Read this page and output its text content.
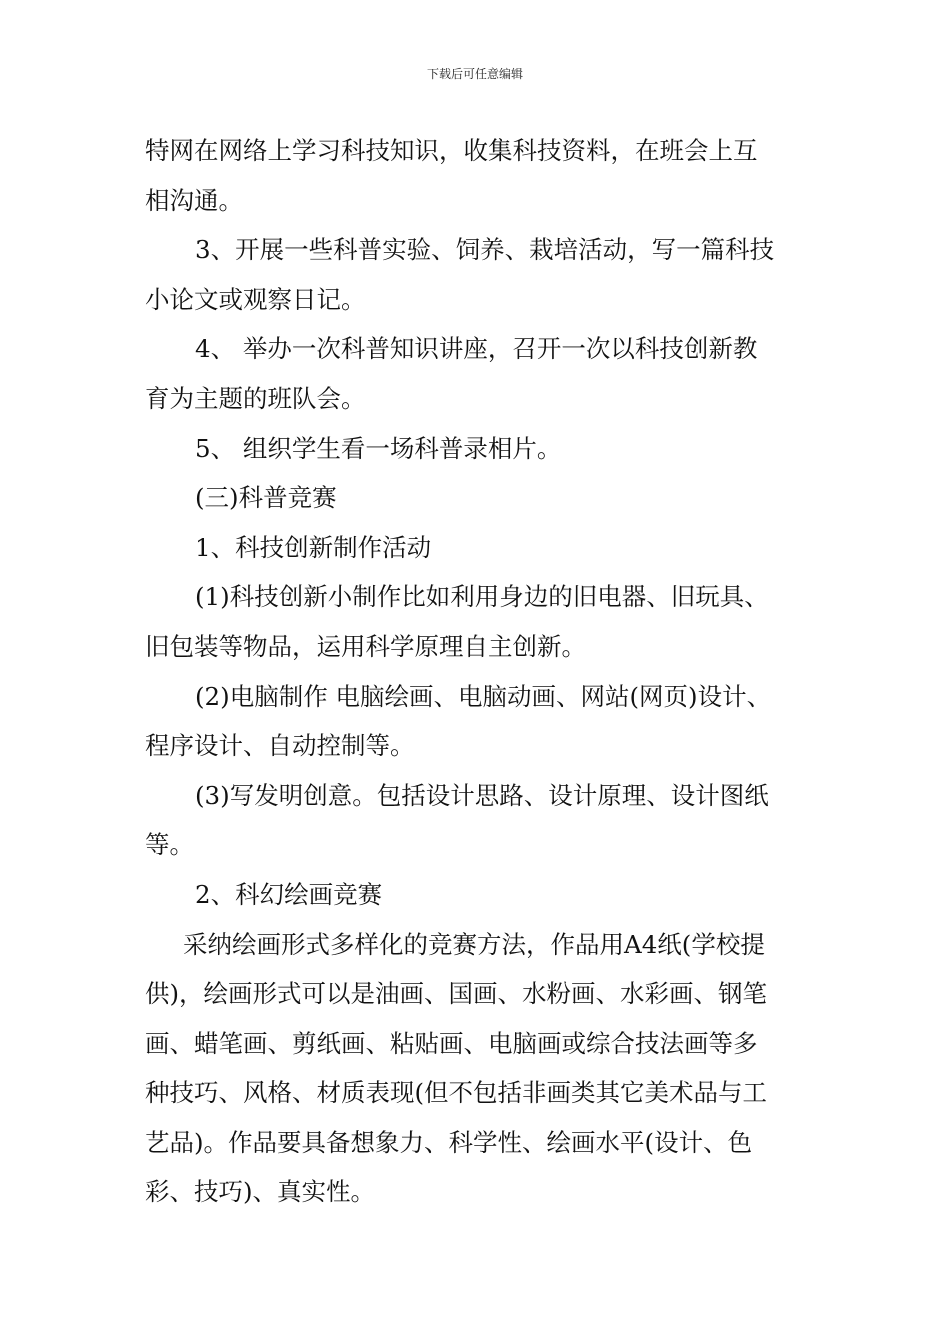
下载后可任意编辑
特网在网络上学习科技知识，收集科技资料，在班会上互
相沟通。
3、开展一些科普实验、饲养、栽培活动，写一篇科技
小论文或观察日记。
4、 举办一次科普知识讲座，召开一次以科技创新教
育为主题的班队会。
5、 组织学生看一场科普录相片。
(三)科普竞赛
1、科技创新制作活动
(1)科技创新小制作比如利用身边的旧电器、旧玩具、
旧包装等物品，运用科学原理自主创新。
(2)电脑制作 电脑绘画、电脑动画、网站(网页)设计、
程序设计、自动控制等。
(3)写发明创意。包括设计思路、设计原理、设计图纸
等。
2、科幻绘画竞赛
采纳绘画形式多样化的竞赛方法，作品用A4纸(学校提
供)，绘画形式可以是油画、国画、水粉画、水彩画、钢笔
画、蜡笔画、剪纸画、粘贴画、电脑画或综合技法画等多
种技巧、风格、材质表现(但不包括非画类其它美术品与工
艺品)。作品要具备想象力、科学性、绘画水平(设计、色
彩、技巧)、真实性。
